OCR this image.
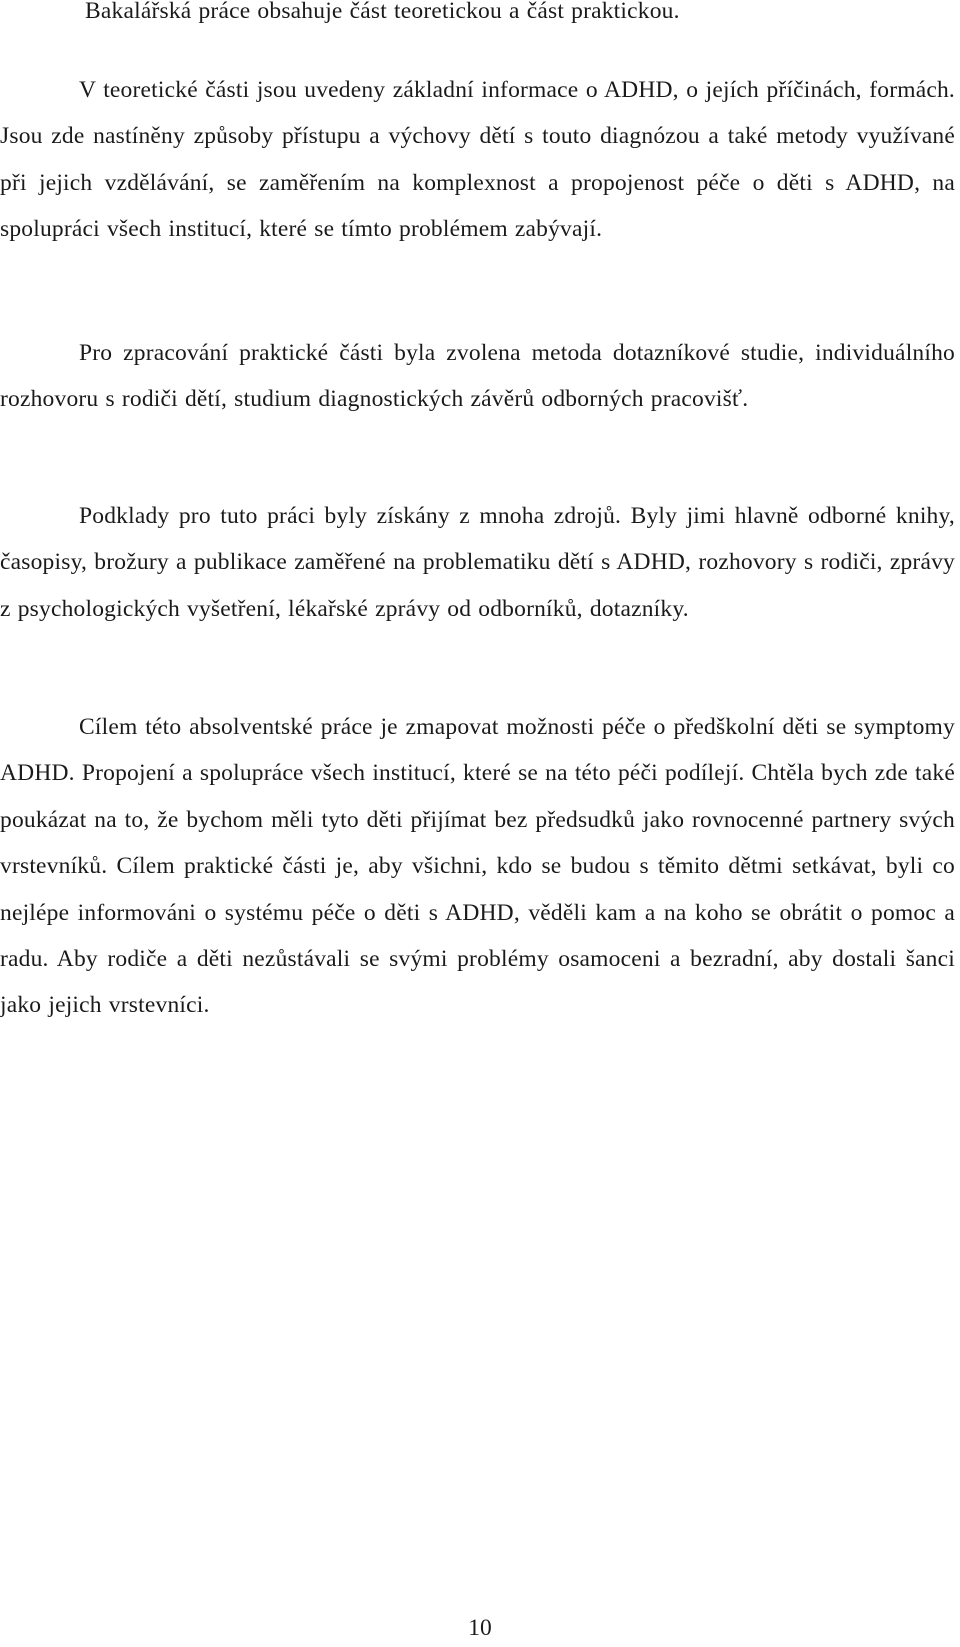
Bakalářská práce obsahuje část teoretickou a část praktickou.

V teoretické části jsou uvedeny základní informace o ADHD, o jejích příčinách, formách. Jsou zde nastíněny způsoby přístupu a výchovy dětí s touto diagnózou a také metody využívané při jejich vzdělávání, se zaměřením na komplexnost a propojenost péče o děti s ADHD, na spolupráci všech institucí, které se tímto problémem zabývají.

Pro zpracování praktické části byla zvolena metoda dotazníkové studie, individuálního rozhovoru s rodiči dětí, studium diagnostických závěrů odborných pracovišť.

Podklady pro tuto práci byly získány z mnoha zdrojů. Byly jimi hlavně odborné knihy, časopisy, brožury a publikace zaměřené na problematiku dětí s ADHD, rozhovory s rodiči, zprávy z psychologických vyšetření, lékařské zprávy od odborníků, dotazníky.

Cílem této absolventské práce je zmapovat možnosti péče o předškolní děti se symptomy ADHD. Propojení a spolupráce všech institucí, které se na této péči podílejí. Chtěla bych zde také poukázat na to, že bychom měli tyto děti přijímat bez předsudků jako rovnocenné partnery svých vrstevníků. Cílem praktické části je, aby všichni, kdo se budou s těmito dětmi setkávat, byli co nejlépe informováni o systému péče o děti s ADHD, věděli kam a na koho se obrátit o pomoc a radu. Aby rodiče a děti nezůstávali se svými problémy osamoceni a bezradní, aby dostali šanci jako jejich vrstevníci.

10
